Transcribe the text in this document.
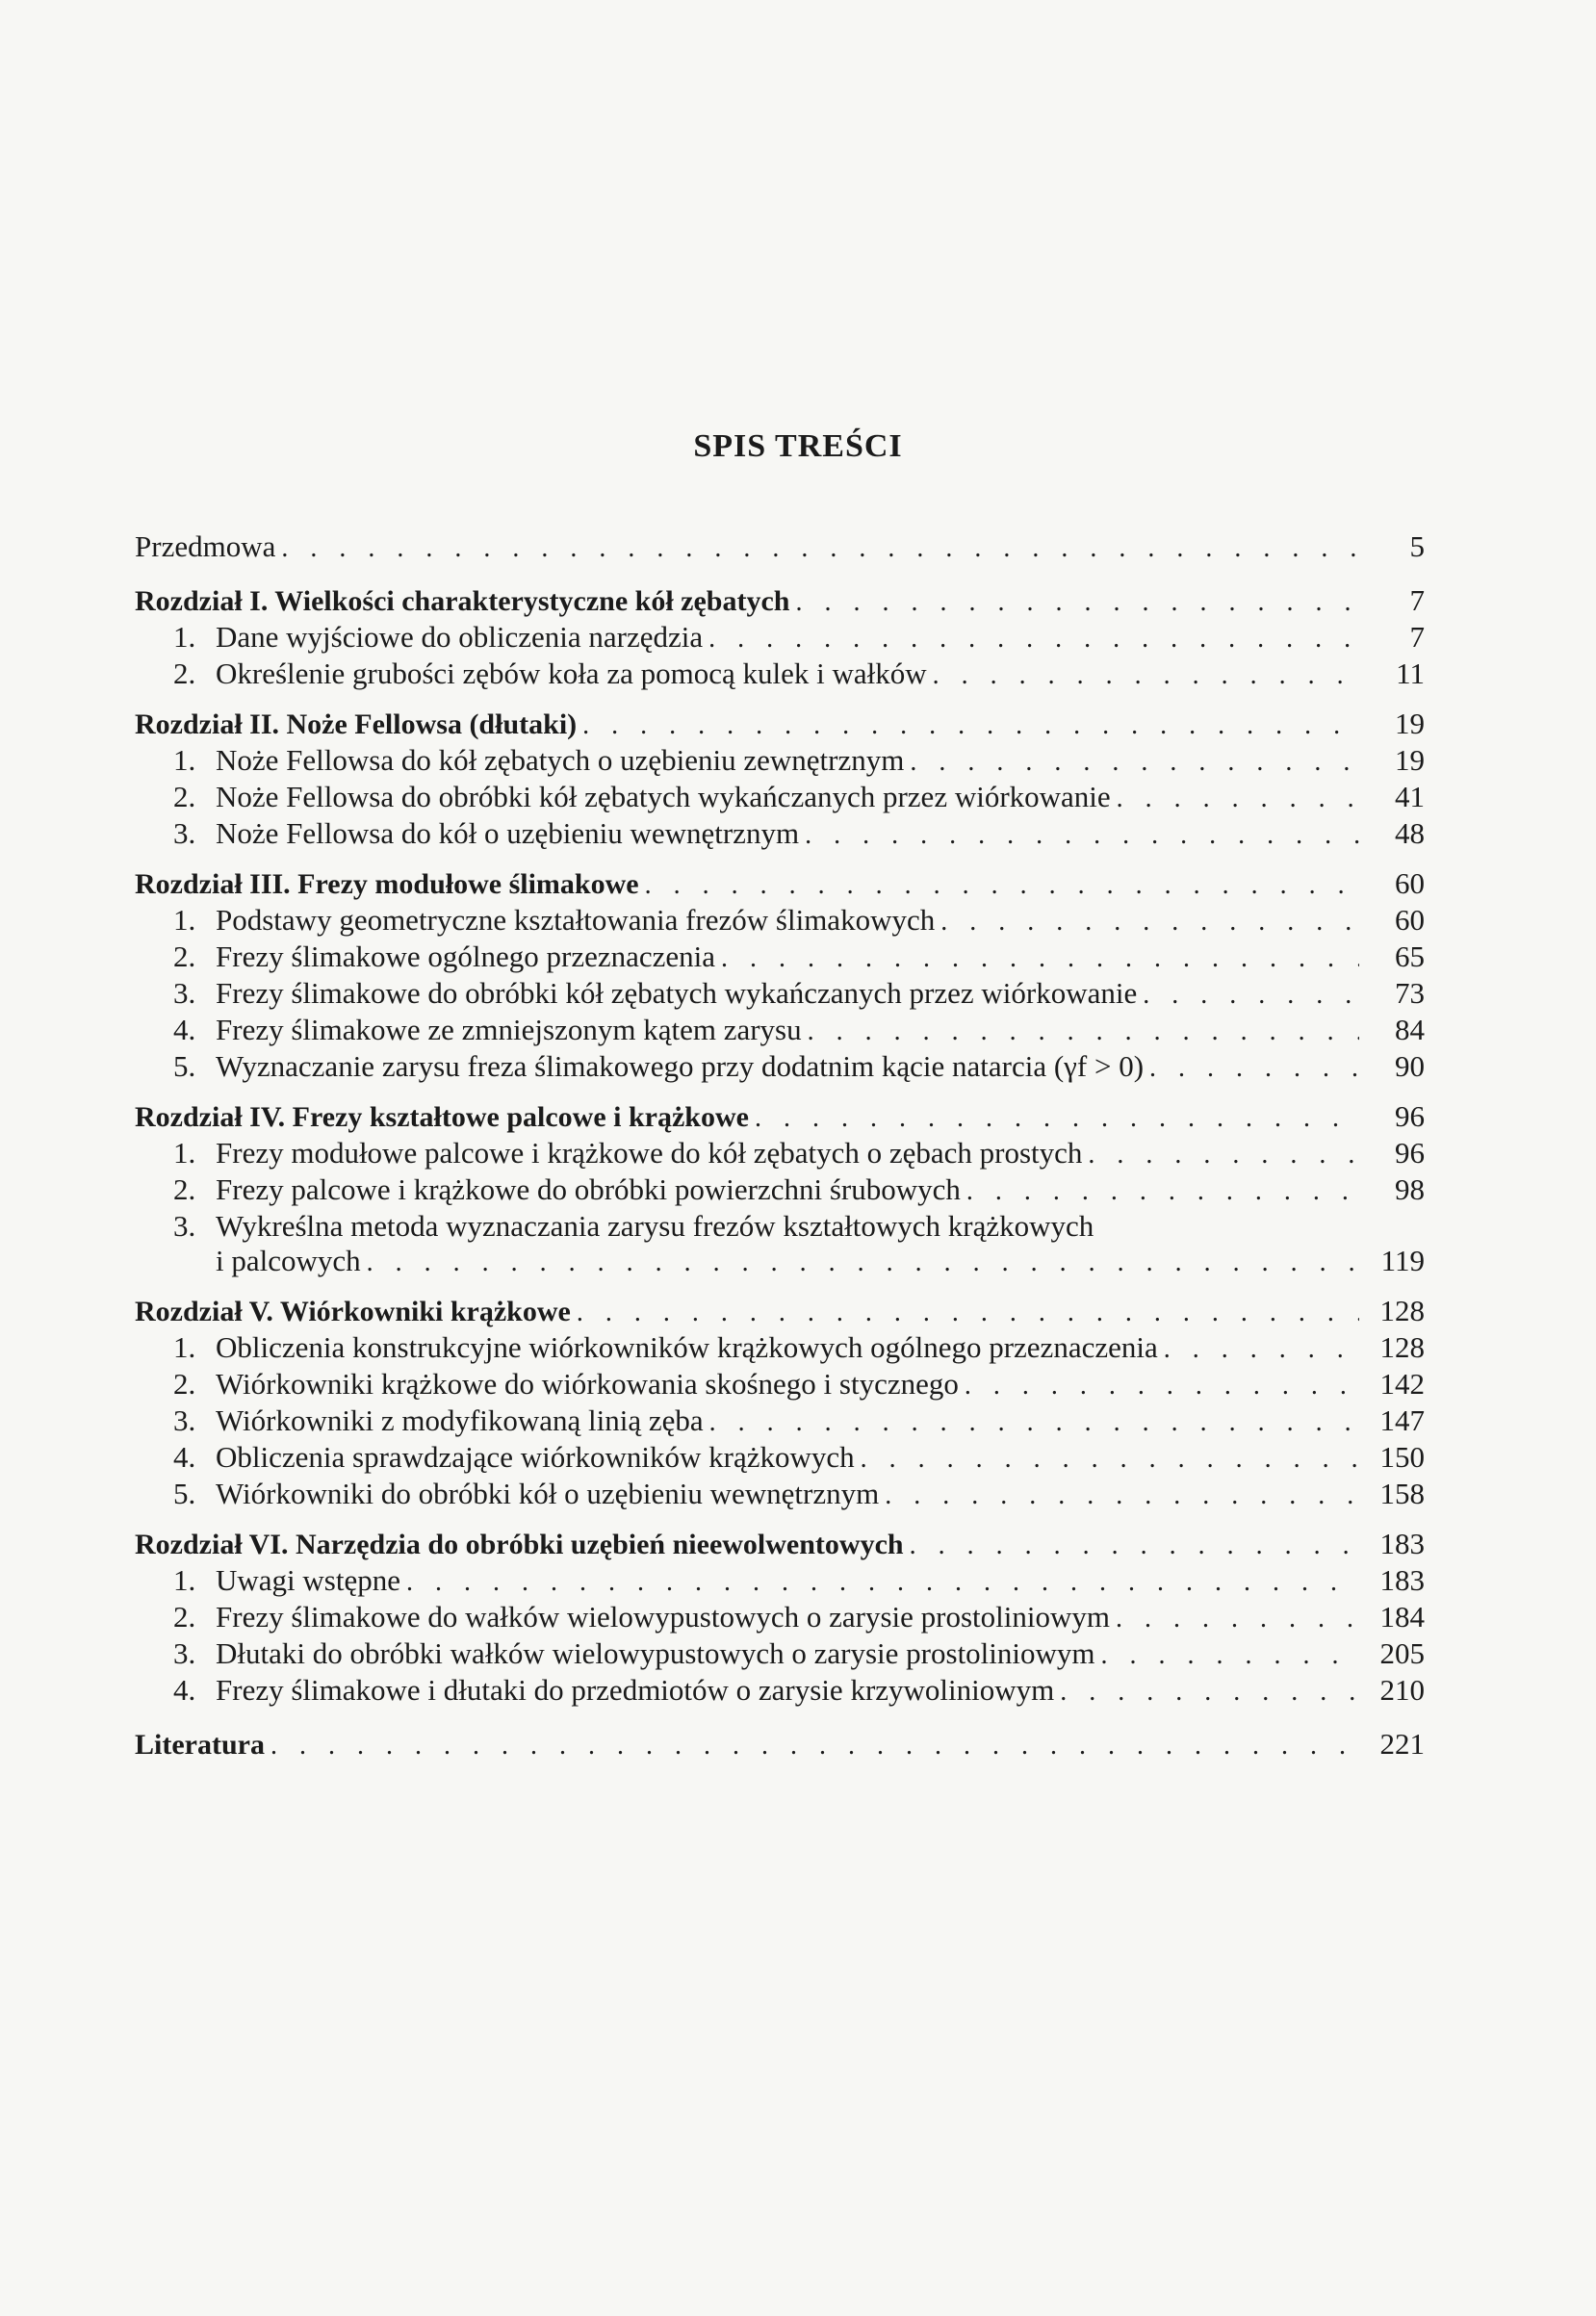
SPIS TREŚCI
Przedmowa . . .	5
Rozdział I. Wielkości charakterystyczne kół zębatych . . .	7
1. Dane wyjściowe do obliczenia narzędzia . . .	7
2. Określenie grubości zębów koła za pomocą kulek i wałków . . .	11
Rozdział II. Noże Fellowsa (dłutaki) . . .	19
1. Noże Fellowsa do kół zębatych o uzębieniu zewnętrznym . . .	19
2. Noże Fellowsa do obróbki kół zębatych wykańczanych przez wiórkowanie . . .	41
3. Noże Fellowsa do kół o uzębieniu wewnętrznym . . .	48
Rozdział III. Frezy modułowe ślimakowe . . .	60
1. Podstawy geometryczne kształtowania frezów ślimakowych . . .	60
2. Frezy ślimakowe ogólnego przeznaczenia . . .	65
3. Frezy ślimakowe do obróbki kół zębatych wykańczanych przez wiórkowanie . . .	73
4. Frezy ślimakowe ze zmniejszonym kątem zarysu . . .	84
5. Wyznaczanie zarysu freza ślimakowego przy dodatnim kącie natarcia (γf > 0) . . .	90
Rozdział IV. Frezy kształtowe palcowe i krążkowe . . .	96
1. Frezy modułowe palcowe i krążkowe do kół zębatych o zębach prostych . . .	96
2. Frezy palcowe i krążkowe do obróbki powierzchni śrubowych . . .	98
3. Wykreślna metoda wyznaczania zarysu frezów kształtowych krążkowych
i palcowych . . .	119
Rozdział V. Wiórkowniki krążkowe . . .	128
1. Obliczenia konstrukcyjne wiórkowników krążkowych ogólnego przeznaczenia . . .	128
2. Wiórkowniki krążkowe do wiórkowania skośnego i stycznego . . .	142
3. Wiórkowniki z modyfikowaną linią zęba . . .	147
4. Obliczenia sprawdzające wiórkowników krążkowych . . .	150
5. Wiórkowniki do obróbki kół o uzębieniu wewnętrznym . . .	158
Rozdział VI. Narzędzia do obróbki uzębień nieewolwentowych . . .	183
1. Uwagi wstępne . . .	183
2. Frezy ślimakowe do wałków wielowypustowych o zarysie prostoliniowym . . .	184
3. Dłutaki do obróbki wałków wielowypustowych o zarysie prostoliniowym . . .	205
4. Frezy ślimakowe i dłutaki do przedmiotów o zarysie krzywoliniowym . . .	210
Literatura . . .	221
